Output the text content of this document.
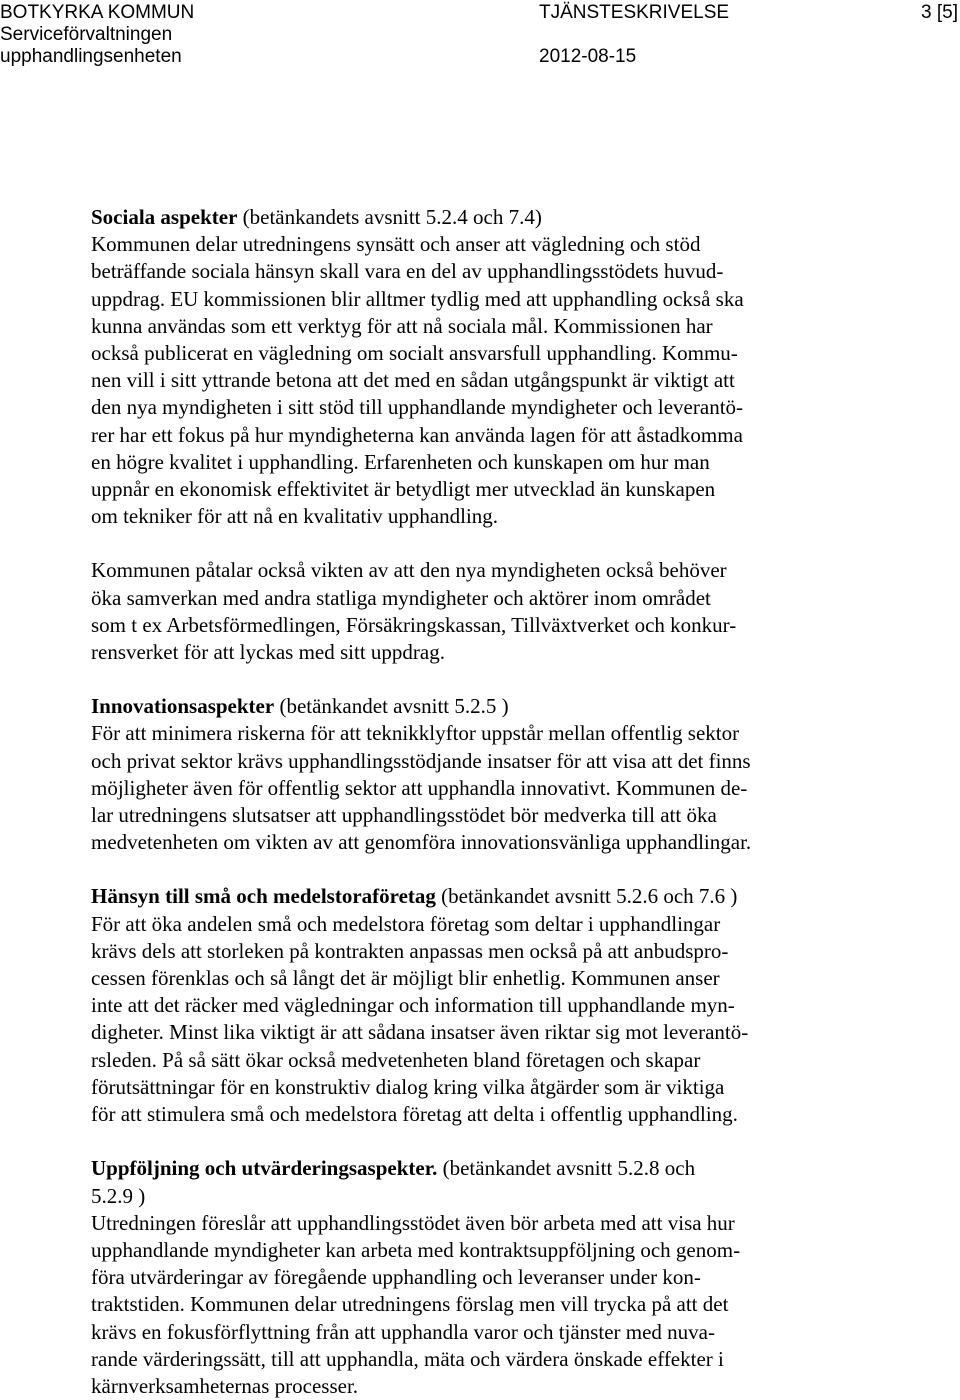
BOTKYRKA KOMMUN
Serviceförvaltningen
upphandlingsenheten
TJÄNSTESKRIVELSE

2012-08-15
3 [5]

Sociala aspekter (betänkandets avsnitt 5.2.4 och 7.4)

Kommunen delar utredningens synsätt och anser att vägledning och stöd
beträffande sociala hänsyn skall vara en del av upphandlingsstödets huvud-
uppdrag. EU kommissionen blir alltmer tydlig med att upphandling också ska
kunna användas som ett verktyg för att nå sociala mål. Kommissionen har
också publicerat en vägledning om socialt ansvarsfull upphandling. Kommu-
nen vill i sitt yttrande betona att det med en sådan utgångspunkt är viktigt att
den nya myndigheten i sitt stöd till upphandlande myndigheter och leverantö-
rer har ett fokus på hur myndigheterna kan använda lagen för att åstadkomma
en högre kvalitet i upphandling. Erfarenheten och kunskapen om hur man
uppnår en ekonomisk effektivitet är betydligt mer utvecklad än kunskapen
om tekniker för att nå en kvalitativ upphandling.

Kommunen påtalar också vikten av att den nya myndigheten också behöver
öka samverkan med andra statliga myndigheter och aktörer inom området
som t ex Arbetsförmedlingen, Försäkringskassan, Tillväxtverket och konkur-
rensverket för att lyckas med sitt uppdrag.

Innovationsaspekter (betänkandet avsnitt 5.2.5 )

För att minimera riskerna för att teknikklyftor uppstår mellan offentlig sektor
och privat sektor krävs upphandlingsstödjande insatser för att visa att det finns
möjligheter även för offentlig sektor att upphandla innovativt. Kommunen de-
lar utredningens slutsatser att upphandlingsstödet bör medverka till att öka
medvetenheten om vikten av att genomföra innovationsvänliga upphandlingar.

Hänsyn till små och medelstoraföretag (betänkandet avsnitt 5.2.6 och 7.6 )

För att öka andelen små och medelstora företag som deltar i upphandlingar
krävs dels att storleken på kontrakten anpassas men också på att anbudspro-
cessen förenklas och så långt det är möjligt blir enhetlig. Kommunen anser
inte att det räcker med vägledningar och information till upphandlande myn-
digheter. Minst lika viktigt är att sådana insatser även riktar sig mot leverantö-
rsleden. På så sätt ökar också medvetenheten bland företagen och skapar
förutsättningar för en konstruktiv dialog kring vilka åtgärder som är viktiga
för att stimulera små och medelstora företag att delta i offentlig upphandling.

Uppföljning och utvärderingsaspekter. (betänkandet avsnitt 5.2.8 och
5.2.9 )

Utredningen föreslår att upphandlingsstödet även bör arbeta med att visa hur
upphandlande myndigheter kan arbeta med kontraktsuppföljning och genom-
föra utvärderingar av föregående upphandling och leveranser under kon-
traktstiden. Kommunen delar utredningens förslag men vill trycka på att det
krävs en fokusförflyttning från att upphandla varor och tjänster med nuva-
rande värderingssätt, till att upphandla, mäta och värdera önskade effekter i
kärnverksamheternas processer.
